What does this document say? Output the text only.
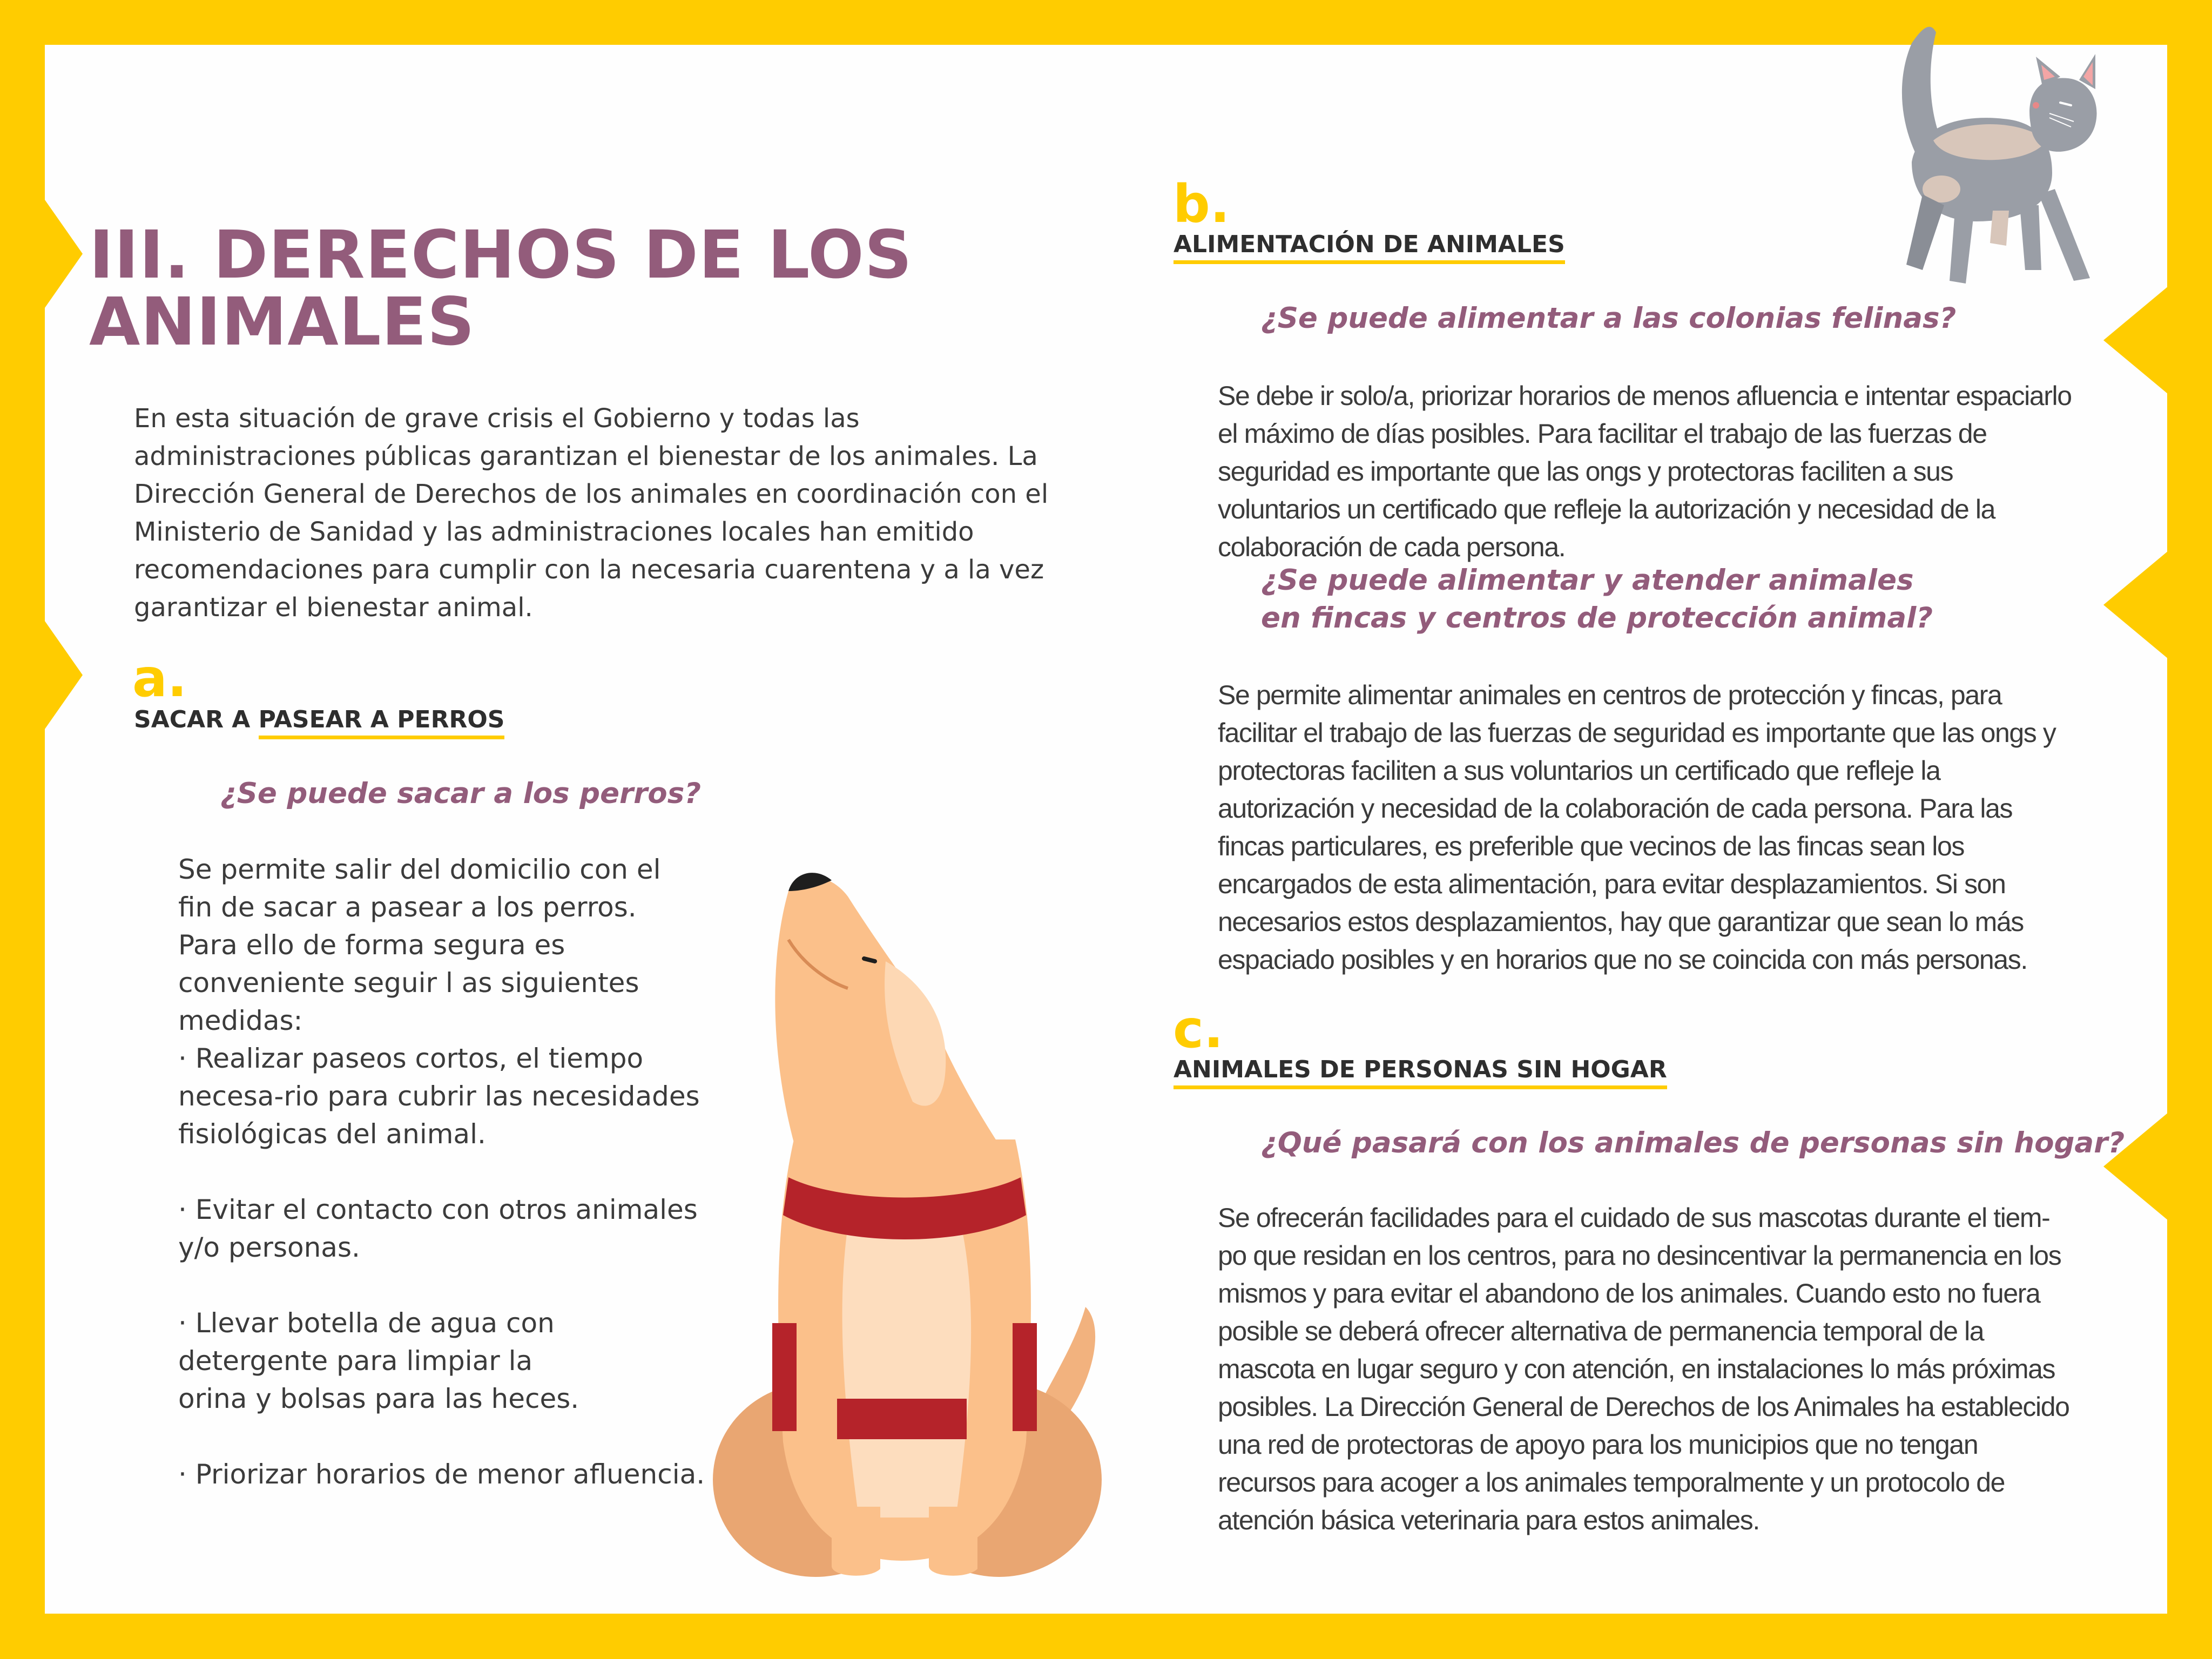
III. DERECHOS DE LOS
ANIMALES

En esta situación de grave crisis el Gobierno y todas las administraciones públicas garantizan el bienestar de los animales. La Dirección General de Derechos de los animales en coordinación con el Ministerio de Sanidad y las administraciones locales han emitido recomendaciones para cumplir con la necesaria cuarentena y a la vez garantizar el bienestar animal.

a.
SACAR A PASEAR A PERROS

¿Se puede sacar a los perros?

Se permite salir del domicilio con el fin de sacar a pasear a los perros. Para ello de forma segura es conveniente seguir l as siguientes medidas:

· Realizar paseos cortos, el tiempo necesa-rio para cubrir las necesidades fisiológicas del animal.

· Evitar el contacto con otros animales y/o personas.

· Llevar botella de agua con detergente para limpiar la orina y bolsas para las heces.

· Priorizar horarios de menor afluencia.

b.
ALIMENTACIÓN DE ANIMALES

¿Se puede alimentar a las colonias felinas?

Se debe ir solo/a, priorizar horarios de menos afluencia e intentar espaciarlo el máximo de días posibles. Para facilitar el trabajo de las fuerzas de seguridad es importante que las ongs y protectoras faciliten a sus voluntarios un certificado que refleje la autorización y necesidad de la colaboración de cada persona.

¿Se puede alimentar y atender animales
en fincas y centros de protección animal?

Se permite alimentar animales en centros de protección y fincas, para facilitar el trabajo de las fuerzas de seguridad es importante que las ongs y protectoras faciliten a sus voluntarios un certificado que refleje la autorización y necesidad de la colaboración de cada persona. Para las fincas particulares, es preferible que vecinos de las fincas sean los encargados de esta alimentación, para evitar desplazamientos. Si son necesarios estos desplazamientos, hay que garantizar que sean lo más espaciado posibles y en horarios que no se coincida con más personas.

c.
ANIMALES DE PERSONAS SIN HOGAR

¿Qué pasará con los animales de personas sin hogar?

Se ofrecerán facilidades para el cuidado de sus mascotas durante el tiem-po que residan en los centros, para no desincentivar la permanencia en los mismos y para evitar el abandono de los animales. Cuando esto no fuera posible se deberá ofrecer alternativa de permanencia temporal de la mascota en lugar seguro y con atención, en instalaciones lo más próximas posibles. La Dirección General de Derechos de los Animales ha establecido una red de protectoras de apoyo para los municipios que no tengan recursos para acoger a los animales temporalmente y un protocolo de atención básica veterinaria para estos animales.
